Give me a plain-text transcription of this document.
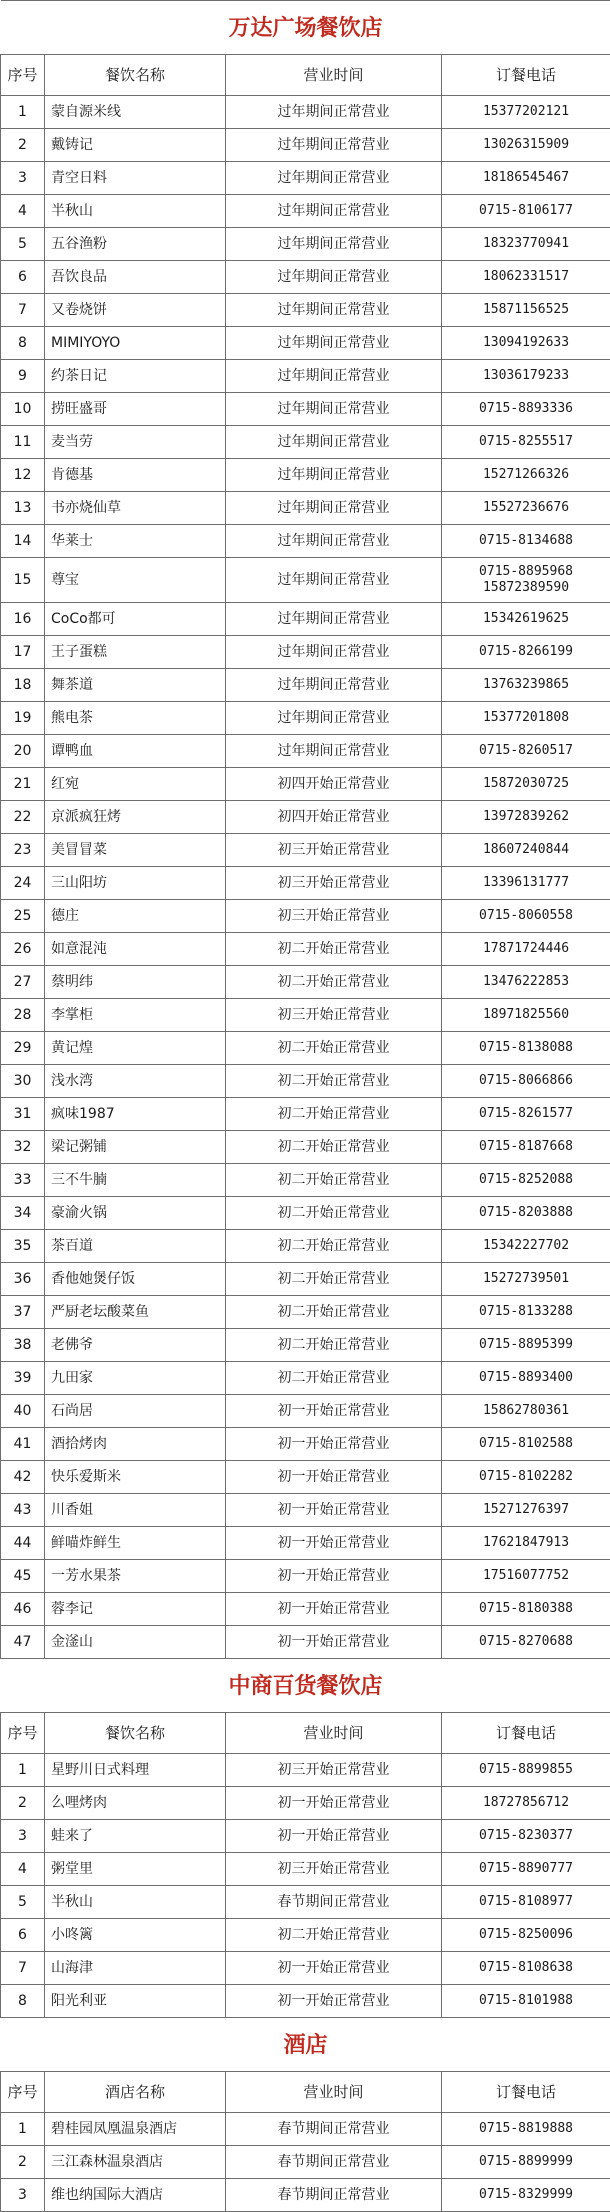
万达广场餐饮店			
序号	餐饮名称	营业时间	订餐电话
1	蒙自源米线	过年期间正常营业	15377202121
2	戴铸记	过年期间正常营业	13026315909
3	青空日料	过年期间正常营业	18186545467
4	半秋山	过年期间正常营业	0715-8106177
5	五谷渔粉	过年期间正常营业	18323770941
6	吾饮良品	过年期间正常营业	18062331517
7	又卷烧饼	过年期间正常营业	15871156525
8	MIMIYOYO	过年期间正常营业	13094192633
9	约茶日记	过年期间正常营业	13036179233
10	捞旺盛哥	过年期间正常营业	0715-8893336
11	麦当劳	过年期间正常营业	0715-8255517
12	肯德基	过年期间正常营业	15271266326
13	书亦烧仙草	过年期间正常营业	15527236676
14	华莱士	过年期间正常营业	0715-8134688
15	尊宝	过年期间正常营业	0715-8895968
15872389590

16	CoCo都可	过年期间正常营业	15342619625
17	王子蛋糕	过年期间正常营业	0715-8266199
18	舞茶道	过年期间正常营业	13763239865
19	熊电茶	过年期间正常营业	15377201808
20	谭鸭血	过年期间正常营业	0715-8260517
21	红宛	初四开始正常营业	15872030725
22	京派疯狂烤	初四开始正常营业	13972839262
23	美冒冒菜	初三开始正常营业	18607240844
24	三山阳坊	初三开始正常营业	13396131777
25	德庄	初三开始正常营业	0715-8060558
26	如意混沌	初二开始正常营业	17871724446
27	蔡明纬	初二开始正常营业	13476222853
28	李掌柜	初三开始正常营业	18971825560
29	黄记煌	初二开始正常营业	0715-8138088
30	浅水湾	初二开始正常营业	0715-8066866
31	疯味1987	初二开始正常营业	0715-8261577
32	梁记粥铺	初二开始正常营业	0715-8187668
33	三不牛腩	初二开始正常营业	0715-8252088
34	豪渝火锅	初二开始正常营业	0715-8203888
35	茶百道	初二开始正常营业	15342227702
36	香他她煲仔饭	初二开始正常营业	15272739501
37	严厨老坛酸菜鱼	初二开始正常营业	0715-8133288
38	老佛爷	初二开始正常营业	0715-8895399
39	九田家	初二开始正常营业	0715-8893400
40	石尚居	初一开始正常营业	15862780361
41	酒拾烤肉	初一开始正常营业	0715-8102588
42	快乐爱斯米	初一开始正常营业	0715-8102282
43	川香姐	初一开始正常营业	15271276397
44	鲜喵炸鲜生	初一开始正常营业	17621847913
45	一芳水果茶	初一开始正常营业	17516077752
46	蓉李记	初一开始正常营业	0715-8180388
47	金滏山	初一开始正常营业	0715-8270688
中商百货餐饮店			
序号	餐饮名称	营业时间	订餐电话
1	星野川日式料理	初三开始正常营业	0715-8899855
2	么哩烤肉	初一开始正常营业	18727856712
3	蛙来了	初一开始正常营业	0715-8230377
4	粥堂里	初三开始正常营业	0715-8890777
5	半秋山	春节期间正常营业	0715-8108977
6	小咚篱	初二开始正常营业	0715-8250096
7	山海津	初一开始正常营业	0715-8108638
8	阳光利亚	初一开始正常营业	0715-8101988
酒店			
序号	酒店名称	营业时间	订餐电话
1	碧桂园凤凰温泉酒店	春节期间正常营业	0715-8819888
2	三江森林温泉酒店	春节期间正常营业	0715-8899999
3	维也纳国际大酒店	春节期间正常营业	0715-8329999
